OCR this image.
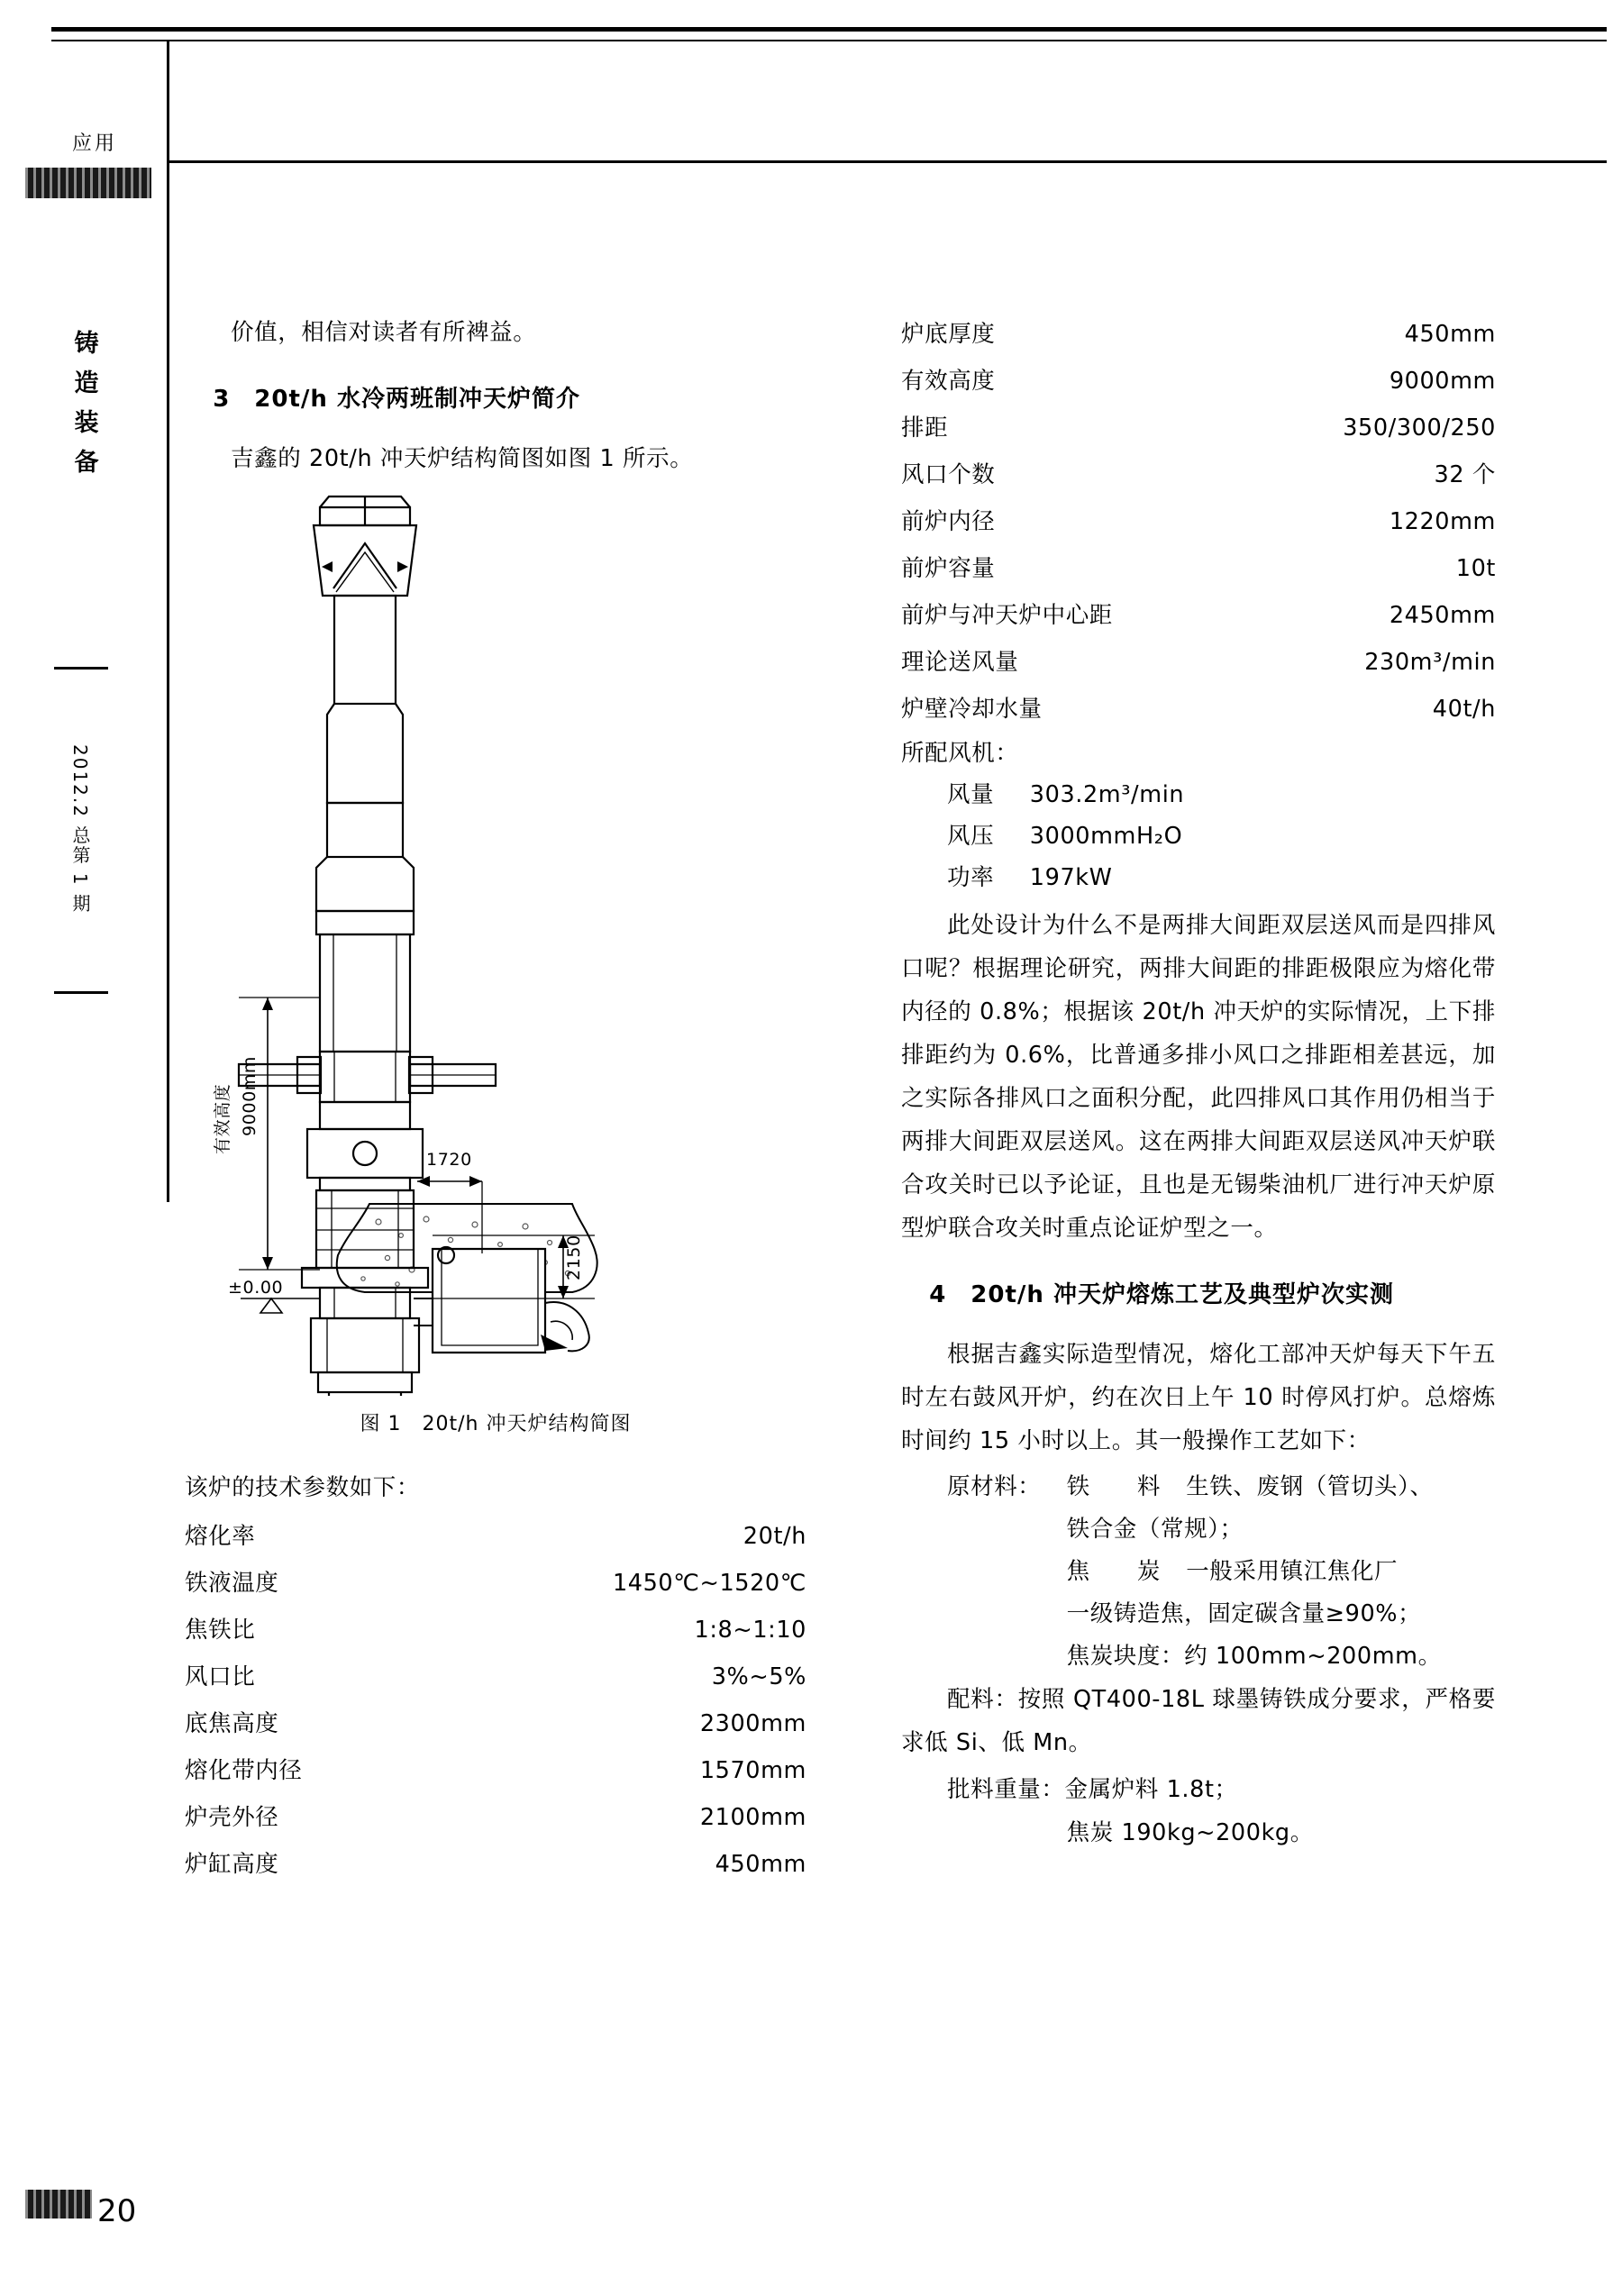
应用
铸造装备
2012.2 总第 1 期

价值，相信对读者有所裨益。

3　20t/h 水冷两班制冲天炉简介

吉鑫的 20t/h 冲天炉结构简图如图 1 所示。

9000mm
有效高度
1720
2150
±0.00
图 1　20t/h 冲天炉结构简图

该炉的技术参数如下：

熔化率	20t/h
铁液温度	1450℃~1520℃
焦铁比	1:8~1:10
风口比	3%~5%
底焦高度	2300mm
熔化带内径	1570mm
炉壳外径	2100mm
炉缸高度	450mm
炉底厚度	450mm
有效高度	9000mm
排距	350/300/250
风口个数	32 个
前炉内径	1220mm
前炉容量	10t
前炉与冲天炉中心距	2450mm
理论送风量	230m³/min
炉壁冷却水量	40t/h
所配风机：
风量 303.2m³/min
风压 3000mmH₂O
功率 197kW

此处设计为什么不是两排大间距双层送风而是四排风口呢？根据理论研究，两排大间距的排距极限应为熔化带内径的 0.8%；根据该 20t/h 冲天炉的实际情况，上下排排距约为 0.6%，比普通多排小风口之排距相差甚远，加之实际各排风口之面积分配，此四排风口其作用仍相当于两排大间距双层送风。这在两排大间距双层送风冲天炉联合攻关时已以予论证，且也是无锡柴油机厂进行冲天炉原型炉联合攻关时重点论证炉型之一。

4　20t/h 冲天炉熔炼工艺及典型炉次实测

根据吉鑫实际造型情况，熔化工部冲天炉每天下午五时左右鼓风开炉，约在次日上午 10 时停风打炉。总熔炼时间约 15 小时以上。其一般操作工艺如下：

原材料：	铁　　料	生铁、废钢（管切头）、
铁合金（常规）；
焦　　炭	一般采用镇江焦化厂
一级铸造焦，固定碳含量≥90%；
焦炭块度：约 100mm~200mm。

配料：按照 QT400-18L 球墨铸铁成分要求，严格要求低 Si、低 Mn。

批料重量：金属炉料 1.8t；

焦炭 190kg~200kg。

20
